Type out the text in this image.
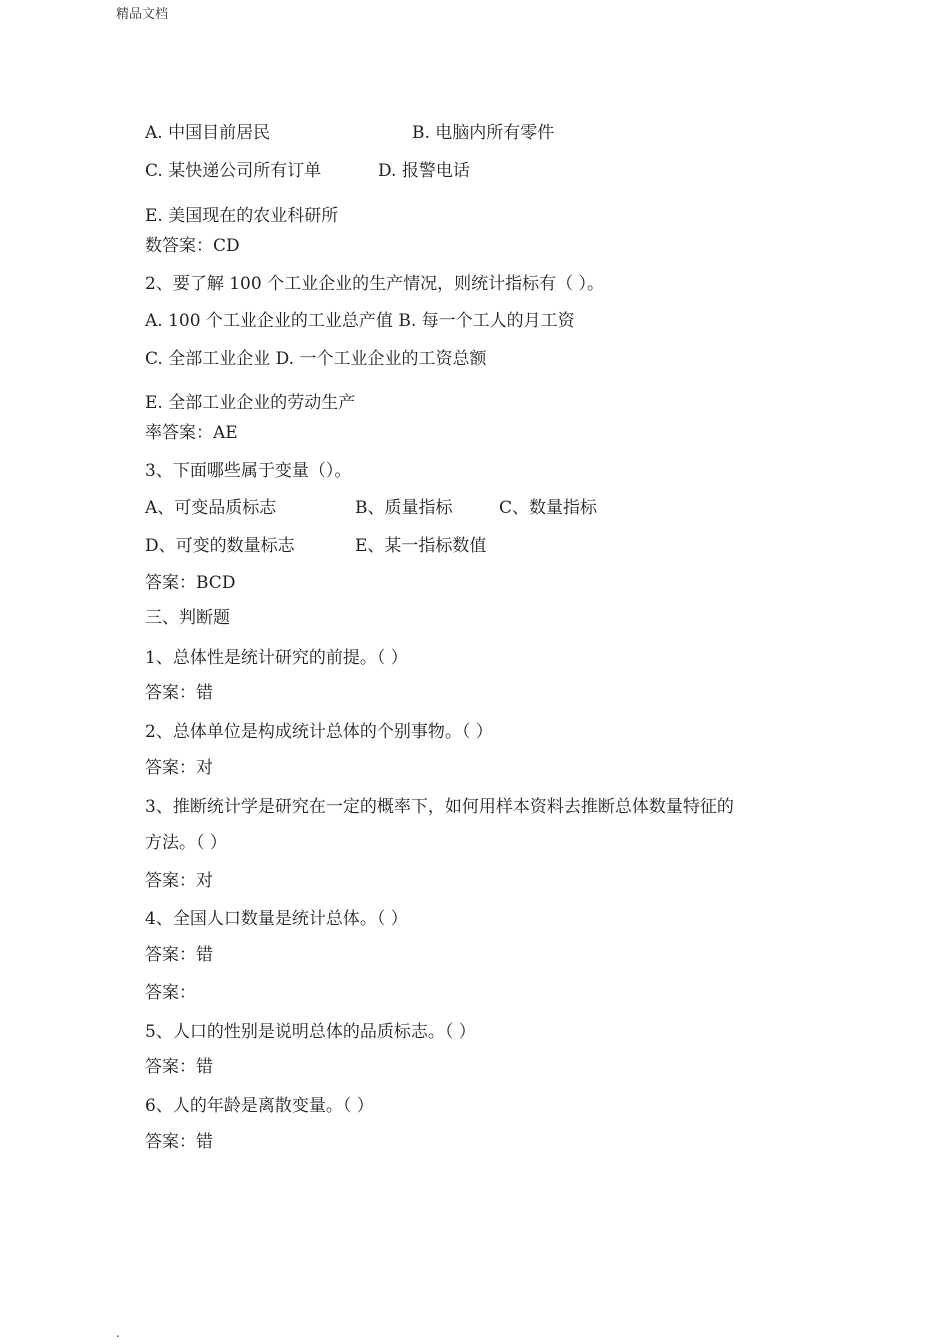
精品文档
A. 中国目前居民	B. 电脑内所有零件
C. 某快递公司所有订单	D. 报警电话
E. 美国现在的农业科研所
数答案：CD
2、要了解 100 个工业企业的生产情况，则统计指标有（ ）。
A. 100 个工业企业的工业总产值 B. 每一个工人的月工资
C. 全部工业企业 D. 一个工业企业的工资总额
E. 全部工业企业的劳动生产
率答案：AE
3、下面哪些属于变量（）。
A、可变品质标志	B、质量指标	C、数量指标
D、可变的数量标志	E、某一指标数值
答案：BCD
三、判断题
1、总体性是统计研究的前提。（ ）
答案：错
2、总体单位是构成统计总体的个别事物。（ ）
答案：对
3、推断统计学是研究在一定的概率下，如何用样本资料去推断总体数量特征的
方法。（ ）
答案：对
4、全国人口数量是统计总体。（ ）
答案：错
答案：
5、人口的性别是说明总体的品质标志。（ ）
答案：错
6、人的年龄是离散变量。（ ）
答案：错
.
